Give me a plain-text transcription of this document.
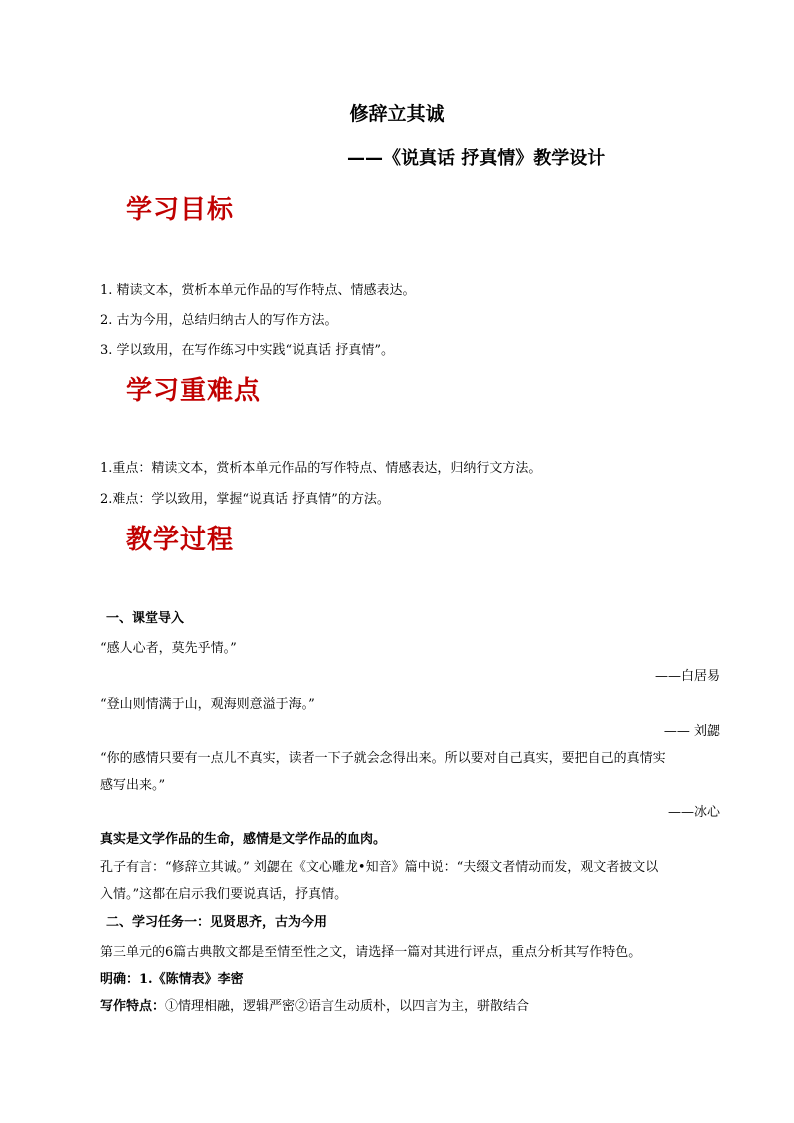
修辞立其诚
——《说真话 抒真情》教学设计
学习目标
1. 精读文本，赏析本单元作品的写作特点、情感表达。
2. 古为今用，总结归纳古人的写作方法。
3. 学以致用，在写作练习中实践“说真话 抒真情”。
学习重难点
1.重点：精读文本，赏析本单元作品的写作特点、情感表达，归纳行文方法。
2.难点：学以致用，掌握“说真话 抒真情”的方法。
教学过程
一、课堂导入
“感人心者，莫先乎情。”
——白居易
“登山则情满于山，观海则意溢于海。”
—— 刘勰
“你的感情只要有一点儿不真实，读者一下子就会念得出来。所以要对自己真实，要把自己的真情实
感写出来。”
——冰心
真实是文学作品的生命，感情是文学作品的血肉。
孔子有言：“修辞立其诚。” 刘勰在《文心雕龙•知音》篇中说：“夫缀文者情动而发，观文者披文以
入情。”这都在启示我们要说真话，抒真情。
二、学习任务一：见贤思齐，古为今用
第三单元的6篇古典散文都是至情至性之文，请选择一篇对其进行评点，重点分析其写作特色。
明确：1.《陈情表》李密
写作特点：①情理相融，逻辑严密②语言生动质朴，以四言为主，骈散结合
